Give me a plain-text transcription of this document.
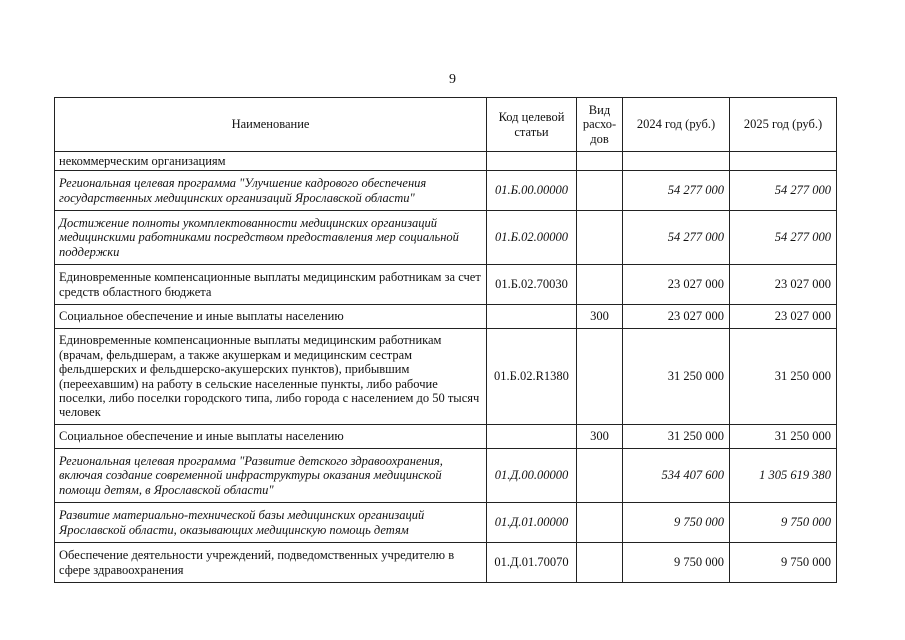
9
Наименование	Код целевой статьи	Вид расхо-дов	2024 год (руб.)	2025 год (руб.)
некоммерческим организациям				
Региональная целевая программа "Улучшение кадрового обеспечения государственных медицинских организаций Ярославской области"	01.Б.00.00000		54 277 000	54 277 000
Достижение полноты укомплектованности медицинских организаций медицинскими работниками посредством предоставления мер социальной поддержки	01.Б.02.00000		54 277 000	54 277 000
Единовременные компенсационные выплаты медицинским работникам за счет средств областного бюджета	01.Б.02.70030		23 027 000	23 027 000
Социальное обеспечение и иные выплаты населению		300	23 027 000	23 027 000
Единовременные компенсационные выплаты медицинским работникам (врачам, фельдшерам, а также акушеркам и медицинским сестрам фельдшерских и фельдшерско-акушерских пунктов), прибывшим (переехавшим) на работу в сельские населенные пункты, либо рабочие поселки, либо поселки городского типа, либо города с населением до 50 тысяч человек	01.Б.02.R1380		31 250 000	31 250 000
Социальное обеспечение и иные выплаты населению		300	31 250 000	31 250 000
Региональная целевая программа "Развитие детского здравоохранения, включая создание современной инфраструктуры оказания медицинской помощи детям, в Ярославской области"	01.Д.00.00000		534 407 600	1 305 619 380
Развитие материально-технической базы медицинских организаций Ярославской области, оказывающих медицинскую помощь детям	01.Д.01.00000		9 750 000	9 750 000
Обеспечение деятельности учреждений, подведомственных учредителю в сфере здравоохранения	01.Д.01.70070		9 750 000	9 750 000
